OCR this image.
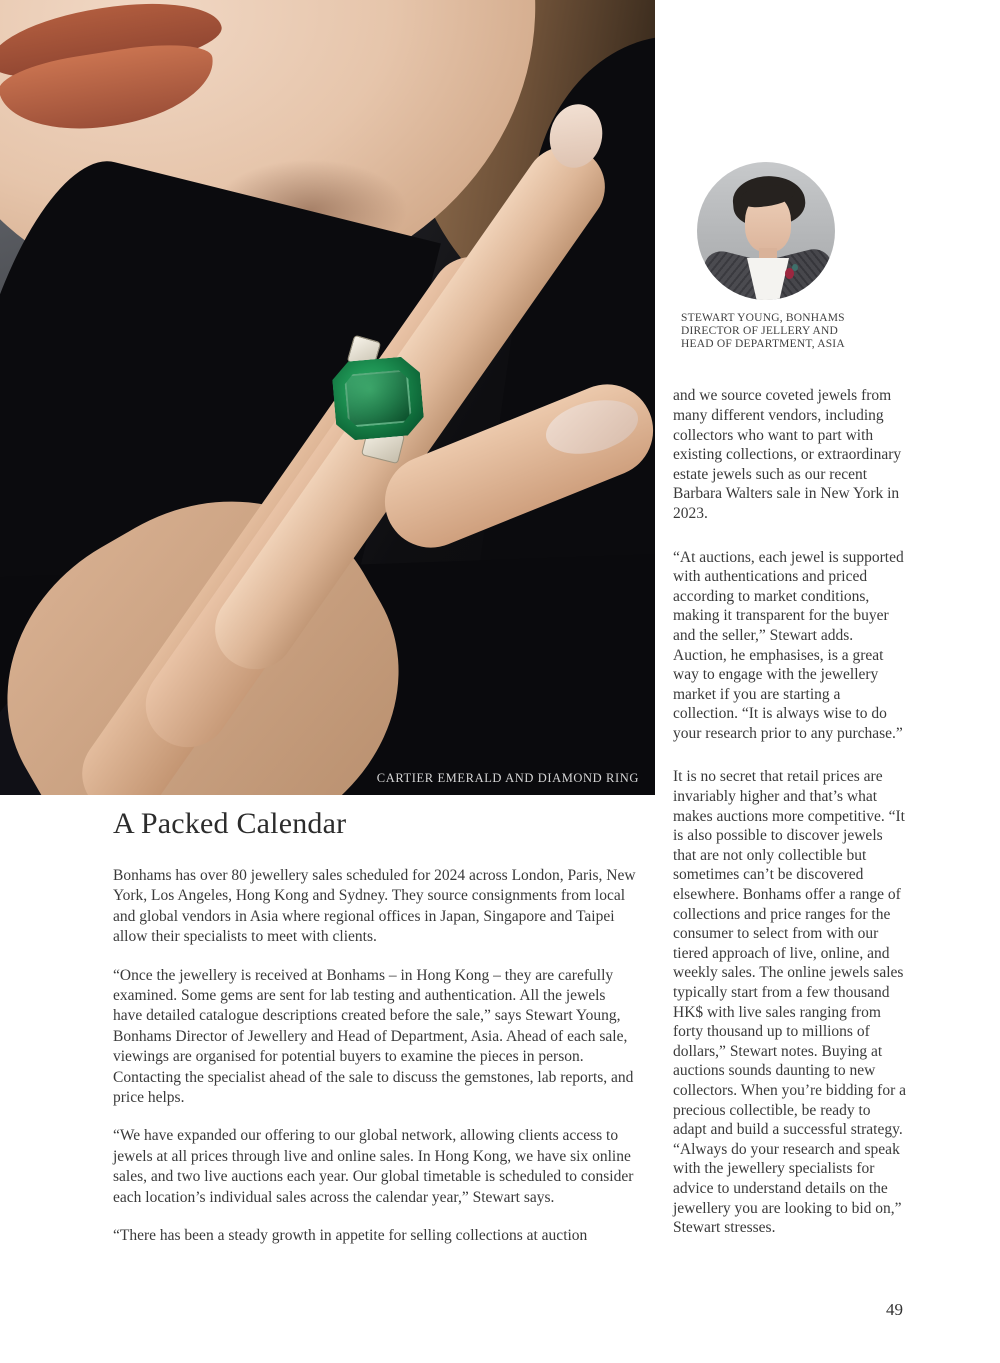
CARTIER EMERALD AND DIAMOND RING
STEWART YOUNG, BONHAMS
DIRECTOR OF JELLERY AND
HEAD OF DEPARTMENT, ASIA

and we source coveted jewels from many different vendors, including collectors who want to part with existing collections, or extraordinary estate jewels such as our recent Barbara Walters sale in New York in 2023.

“At auctions, each jewel is supported with authentications and priced according to market conditions, making it transparent for the buyer and the seller,” Stewart adds. Auction, he emphasises, is a great way to engage with the jewellery market if you are starting a collection. “It is always wise to do your research prior to any purchase.”

It is no secret that retail prices are invariably higher and that’s what makes auctions more competitive. “It is also possible to discover jewels that are not only collectible but sometimes can’t be discovered elsewhere. Bonhams offer a range of collections and price ranges for the consumer to select from with our tiered approach of live, online, and weekly sales. The online jewels sales typically start from a few thousand HK$ with live sales ranging from forty thousand up to millions of dollars,” Stewart notes. Buying at auctions sounds daunting to new collectors. When you’re bidding for a precious collectible, be ready to adapt and build a successful strategy. “Always do your research and speak with the jewellery specialists for advice to understand details on the jewellery you are looking to bid on,” Stewart stresses.

A Packed Calendar

Bonhams has over 80 jewellery sales scheduled for 2024 across London, Paris, New York, Los Angeles, Hong Kong and Sydney. They source consignments from local and global vendors in Asia where regional offices in Japan, Singapore and Taipei allow their specialists to meet with clients.

“Once the jewellery is received at Bonhams – in Hong Kong – they are carefully examined. Some gems are sent for lab testing and authentication. All the jewels have detailed catalogue descriptions created before the sale,” says Stewart Young, Bonhams Director of Jewellery and Head of Department, Asia. Ahead of each sale, viewings are organised for potential buyers to examine the pieces in person. Contacting the specialist ahead of the sale to discuss the gemstones, lab reports, and price helps.

“We have expanded our offering to our global network, allowing clients access to jewels at all prices through live and online sales. In Hong Kong, we have six online sales, and two live auctions each year. Our global timetable is scheduled to consider each location’s individual sales across the calendar year,” Stewart says.

“There has been a steady growth in appetite for selling collections at auction

49
